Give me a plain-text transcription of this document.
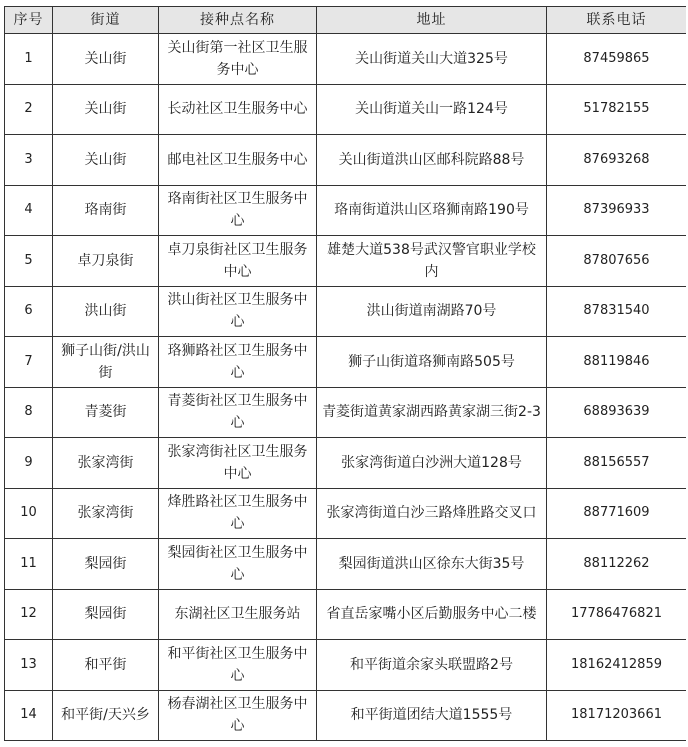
序号	街道	接种点名称	地址	联系电话
1	关山街	关山街第一社区卫生服务中心	关山街道关山大道325号	87459865
2	关山街	长动社区卫生服务中心	关山街道关山一路124号	51782155
3	关山街	邮电社区卫生服务中心	关山街道洪山区邮科院路88号	87693268
4	珞南街	珞南街社区卫生服务中心	珞南街道洪山区珞狮南路190号	87396933
5	卓刀泉街	卓刀泉街社区卫生服务中心	雄楚大道538号武汉警官职业学校内	87807656
6	洪山街	洪山街社区卫生服务中心	洪山街道南湖路70号	87831540
7	狮子山街/洪山街	珞狮路社区卫生服务中心	狮子山街道珞狮南路505号	88119846
8	青菱街	青菱街社区卫生服务中心	青菱街道黄家湖西路黄家湖三街2-3	68893639
9	张家湾街	张家湾街社区卫生服务中心	张家湾街道白沙洲大道128号	88156557
10	张家湾街	烽胜路社区卫生服务中心	张家湾街道白沙三路烽胜路交叉口	88771609
11	梨园街	梨园街社区卫生服务中心	梨园街道洪山区徐东大街35号	88112262
12	梨园街	东湖社区卫生服务站	省直岳家嘴小区后勤服务中心二楼	17786476821
13	和平街	和平街社区卫生服务中心	和平街道余家头联盟路2号	18162412859
14	和平街/天兴乡	杨春湖社区卫生服务中心	和平街道团结大道1555号	18171203661
